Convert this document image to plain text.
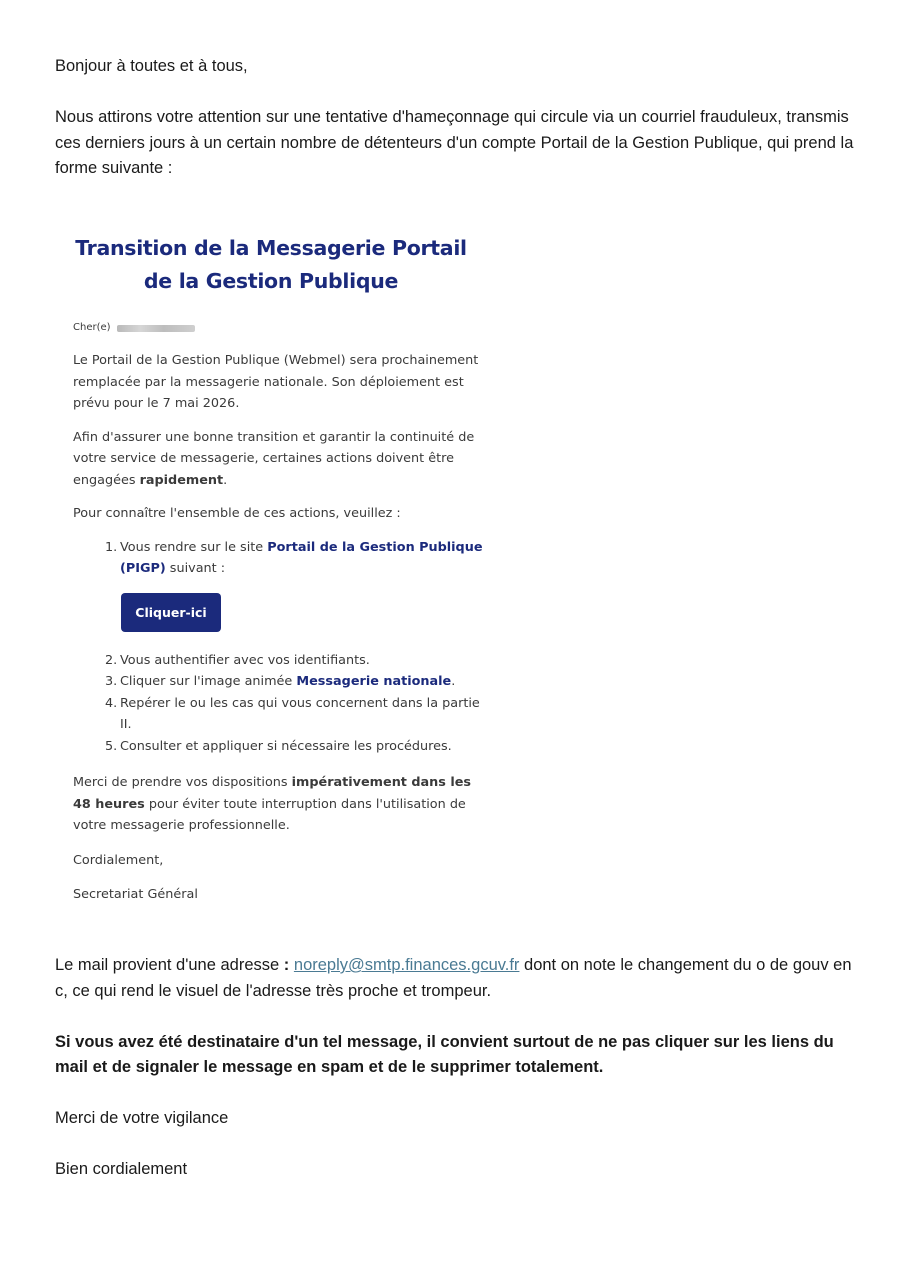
Bonjour à toutes et à tous,

Nous attirons votre attention sur une tentative d'hameçonnage qui circule via un courriel frauduleux, transmis ces derniers jours à un certain nombre de détenteurs d'un compte Portail de la Gestion Publique, qui prend la forme suivante :

Transition de la Messagerie Portail de la Gestion Publique
Cher(e)

Le Portail de la Gestion Publique (Webmel) sera prochainement remplacée par la messagerie nationale. Son déploiement est prévu pour le 7 mai 2026.

Afin d'assurer une bonne transition et garantir la continuité de votre service de messagerie, certaines actions doivent être engagées rapidement.

Pour connaître l'ensemble de ces actions, veuillez :

1. Vous rendre sur le site Portail de la Gestion Publique (PIGP) suivant :
Cliquer-ici
2. Vous authentifier avec vos identifiants.
3. Cliquer sur l'image animée Messagerie nationale.
4. Repérer le ou les cas qui vous concernent dans la partie II.
5. Consulter et appliquer si nécessaire les procédures.

Merci de prendre vos dispositions impérativement dans les 48 heures pour éviter toute interruption dans l'utilisation de votre messagerie professionnelle.

Cordialement,

Secretariat Général

Le mail provient d'une adresse : noreply@smtp.finances.gcuv.fr dont on note le changement du o de gouv en c, ce qui rend le visuel de l'adresse très proche et trompeur.

Si vous avez été destinataire d'un tel message, il convient surtout de ne pas cliquer sur les liens du mail et de signaler le message en spam et de le supprimer totalement.

Merci de votre vigilance

Bien cordialement
